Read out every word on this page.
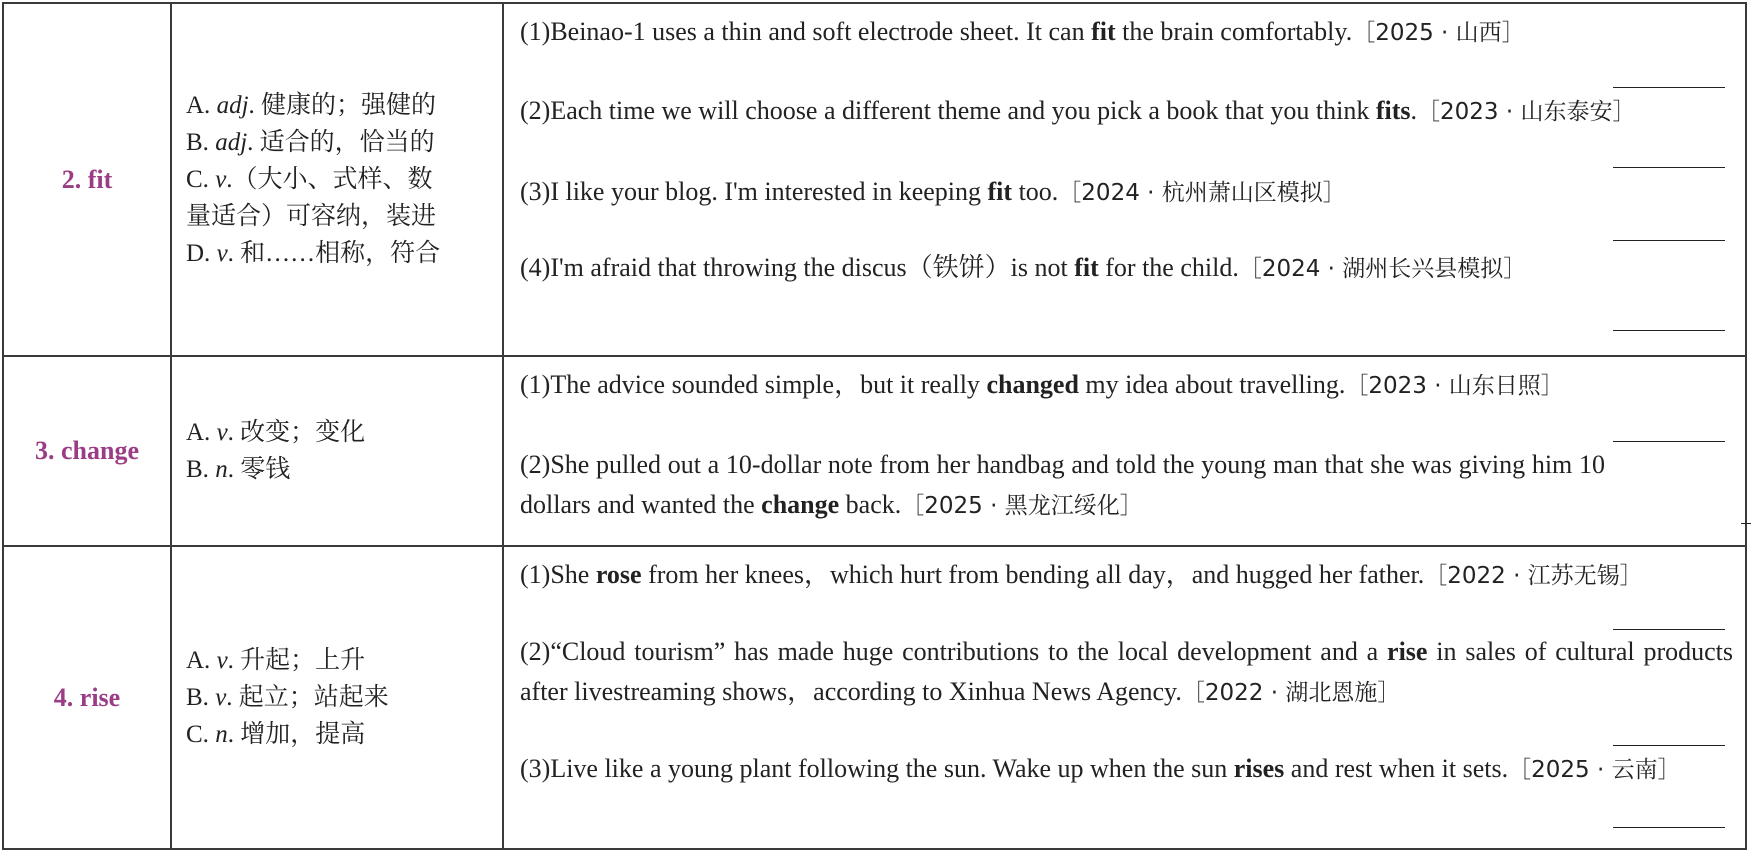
2. fit
A. adj. 健康的；强健的
B. adj. 适合的，恰当的
C. v.（大小、式样、数
量适合）可容纳，装进
D. v. 和……相称，符合
(1)Beinao-1 uses a thin and soft electrode sheet. It can fit the brain comfortably.［2025 · 山西］
(2)Each time we will choose a different theme and you pick a book that you think fits.［2023 · 山东泰安］
(3)I like your blog. I'm interested in keeping fit too.［2024 · 杭州萧山区模拟］
(4)I'm afraid that throwing the discus（铁饼）is not fit for the child.［2024 · 湖州长兴县模拟］
3. change
A. v. 改变；变化
B. n. 零钱
(1)The advice sounded simple，but it really changed my idea about travelling.［2023 · 山东日照］
(2)She pulled out a 10-dollar note from her handbag and told the young man that she was giving him 10 dollars and wanted the change back.［2025 · 黑龙江绥化］
4. rise
A. v. 升起；上升
B. v. 起立；站起来
C. n. 增加，提高
(1)She rose from her knees，which hurt from bending all day，and hugged her father.［2022 · 江苏无锡］
(2)“Cloud tourism” has made huge contributions to the local development and a rise in sales of cultural products after livestreaming shows，according to Xinhua News Agency.［2022 · 湖北恩施］
(3)Live like a young plant following the sun. Wake up when the sun rises and rest when it sets.［2025 · 云南］
